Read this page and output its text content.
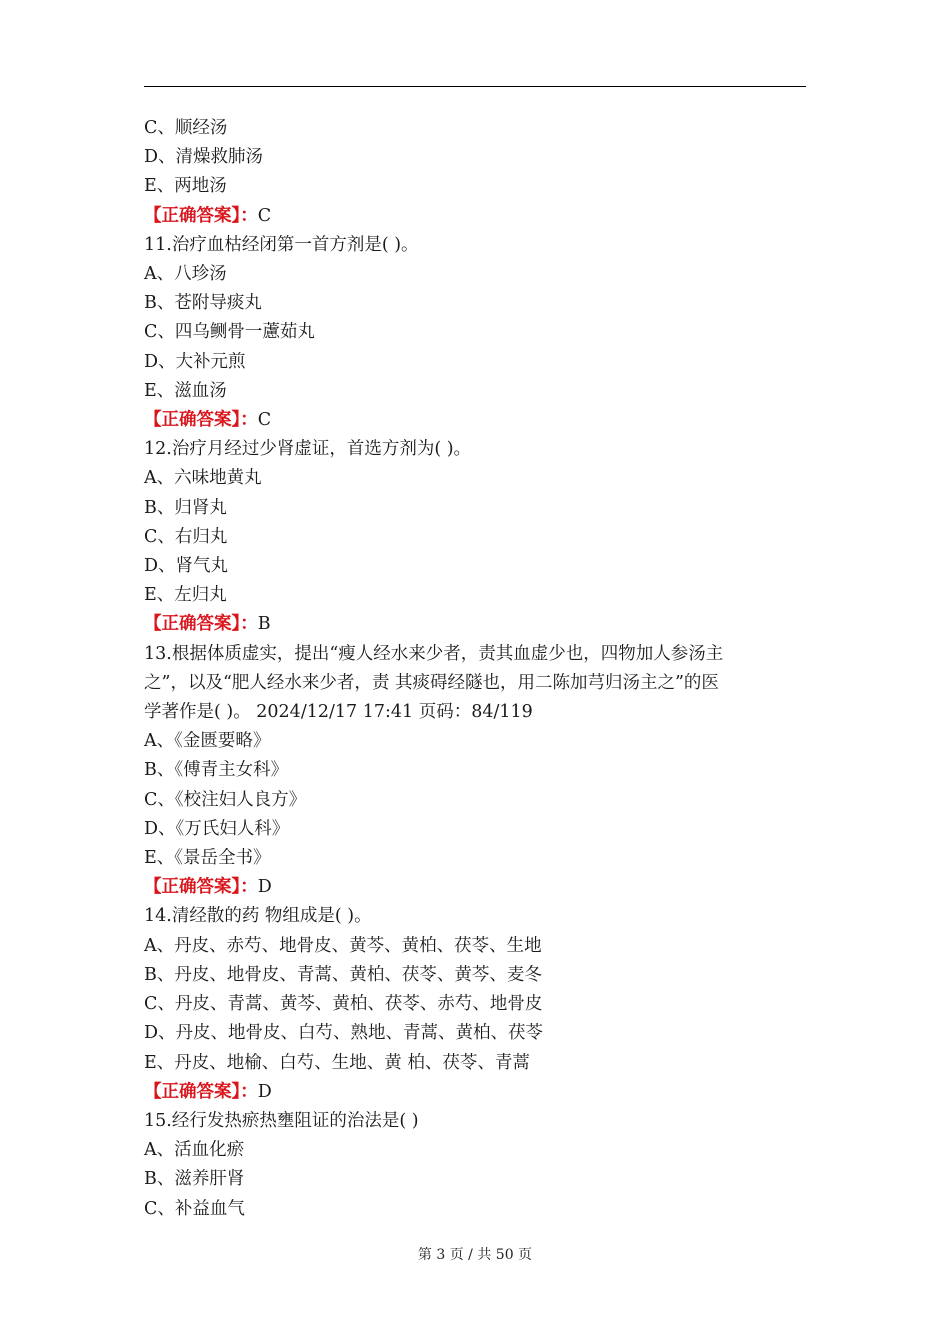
C、顺经汤
D、清燥救肺汤
E、两地汤
【正确答案】：C
11.治疗血枯经闭第一首方剂是( )。
A、八珍汤
B、苍附导痰丸
C、四乌鲗骨一藘茹丸
D、大补元煎
E、滋血汤
【正确答案】：C
12.治疗月经过少肾虚证，首选方剂为( )。
A、六味地黄丸
B、归肾丸
C、右归丸
D、肾气丸
E、左归丸
【正确答案】：B
13.根据体质虚实，提出“瘦人经水来少者，责其血虚少也，四物加人参汤主
之”，以及“肥人经水来少者，责 其痰碍经隧也，用二陈加芎归汤主之”的医
学著作是( )。 2024/12/17 17:41 页码：84/119
A、《金匮要略》
B、《傅青主女科》
C、《校注妇人良方》
D、《万氏妇人科》
E、《景岳全书》
【正确答案】：D
14.清经散的药 物组成是( )。
A、丹皮、赤芍、地骨皮、黄芩、黄柏、茯苓、生地
B、丹皮、地骨皮、青蒿、黄柏、茯苓、黄芩、麦冬
C、丹皮、青蒿、黄芩、黄柏、茯苓、赤芍、地骨皮
D、丹皮、地骨皮、白芍、熟地、青蒿、黄柏、茯苓
E、丹皮、地榆、白芍、生地、黄 柏、茯苓、青蒿
【正确答案】：D
15.经行发热瘀热壅阻证的治法是( )
A、活血化瘀
B、滋养肝肾
C、补益血气
第 3 页 / 共 50 页
